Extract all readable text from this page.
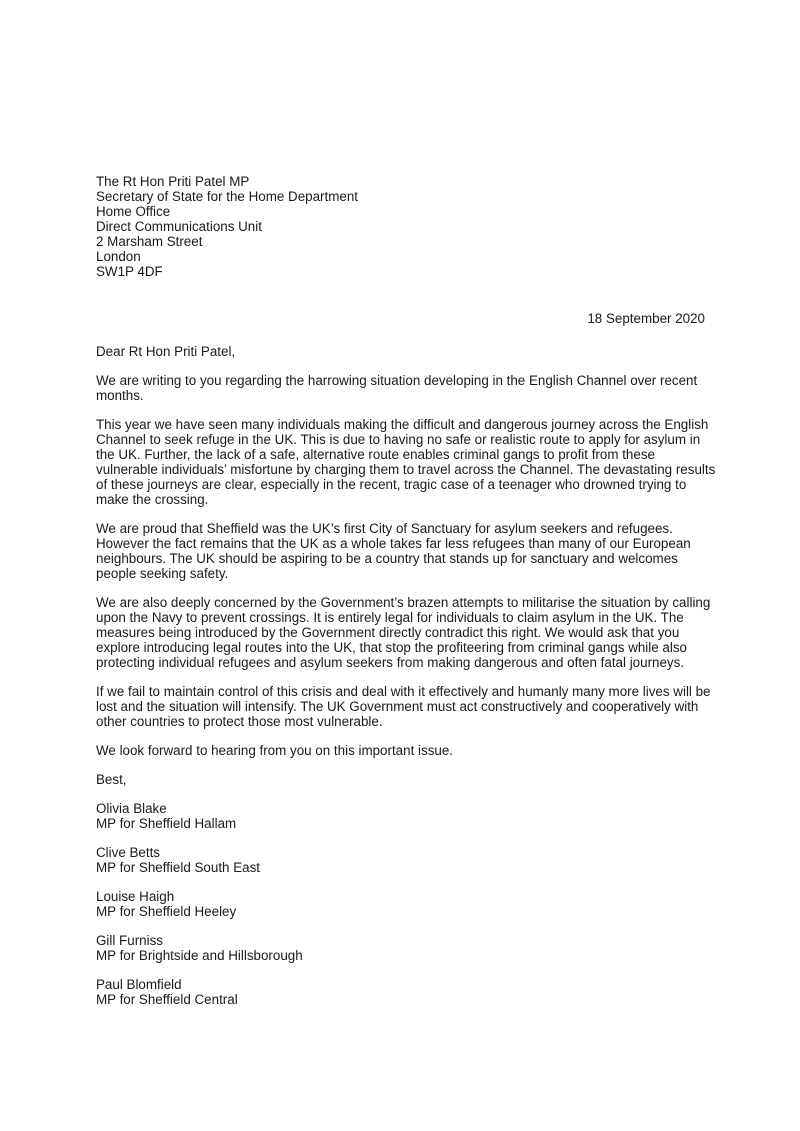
The Rt Hon Priti Patel MP
Secretary of State for the Home Department
Home Office
Direct Communications Unit
2 Marsham Street
London
SW1P 4DF
18 September 2020
Dear Rt Hon Priti Patel,
We are writing to you regarding the harrowing situation developing in the English Channel over recent months.
This year we have seen many individuals making the difficult and dangerous journey across the English Channel to seek refuge in the UK. This is due to having no safe or realistic route to apply for asylum in the UK. Further, the lack of a safe, alternative route enables criminal gangs to profit from these vulnerable individuals’ misfortune by charging them to travel across the Channel. The devastating results of these journeys are clear, especially in the recent, tragic case of a teenager who drowned trying to make the crossing.
We are proud that Sheffield was the UK’s first City of Sanctuary for asylum seekers and refugees. However the fact remains that the UK as a whole takes far less refugees than many of our European neighbours. The UK should be aspiring to be a country that stands up for sanctuary and welcomes people seeking safety.
We are also deeply concerned by the Government’s brazen attempts to militarise the situation by calling upon the Navy to prevent crossings. It is entirely legal for individuals to claim asylum in the UK. The measures being introduced by the Government directly contradict this right. We would ask that you explore introducing legal routes into the UK, that stop the profiteering from criminal gangs while also protecting individual refugees and asylum seekers from making dangerous and often fatal journeys.
If we fail to maintain control of this crisis and deal with it effectively and humanly many more lives will be lost and the situation will intensify. The UK Government must act constructively and cooperatively with other countries to protect those most vulnerable.
We look forward to hearing from you on this important issue.
Best,
Olivia Blake
MP for Sheffield Hallam
Clive Betts
MP for Sheffield South East
Louise Haigh
MP for Sheffield Heeley
Gill Furniss
MP for Brightside and Hillsborough
Paul Blomfield
MP for Sheffield Central
